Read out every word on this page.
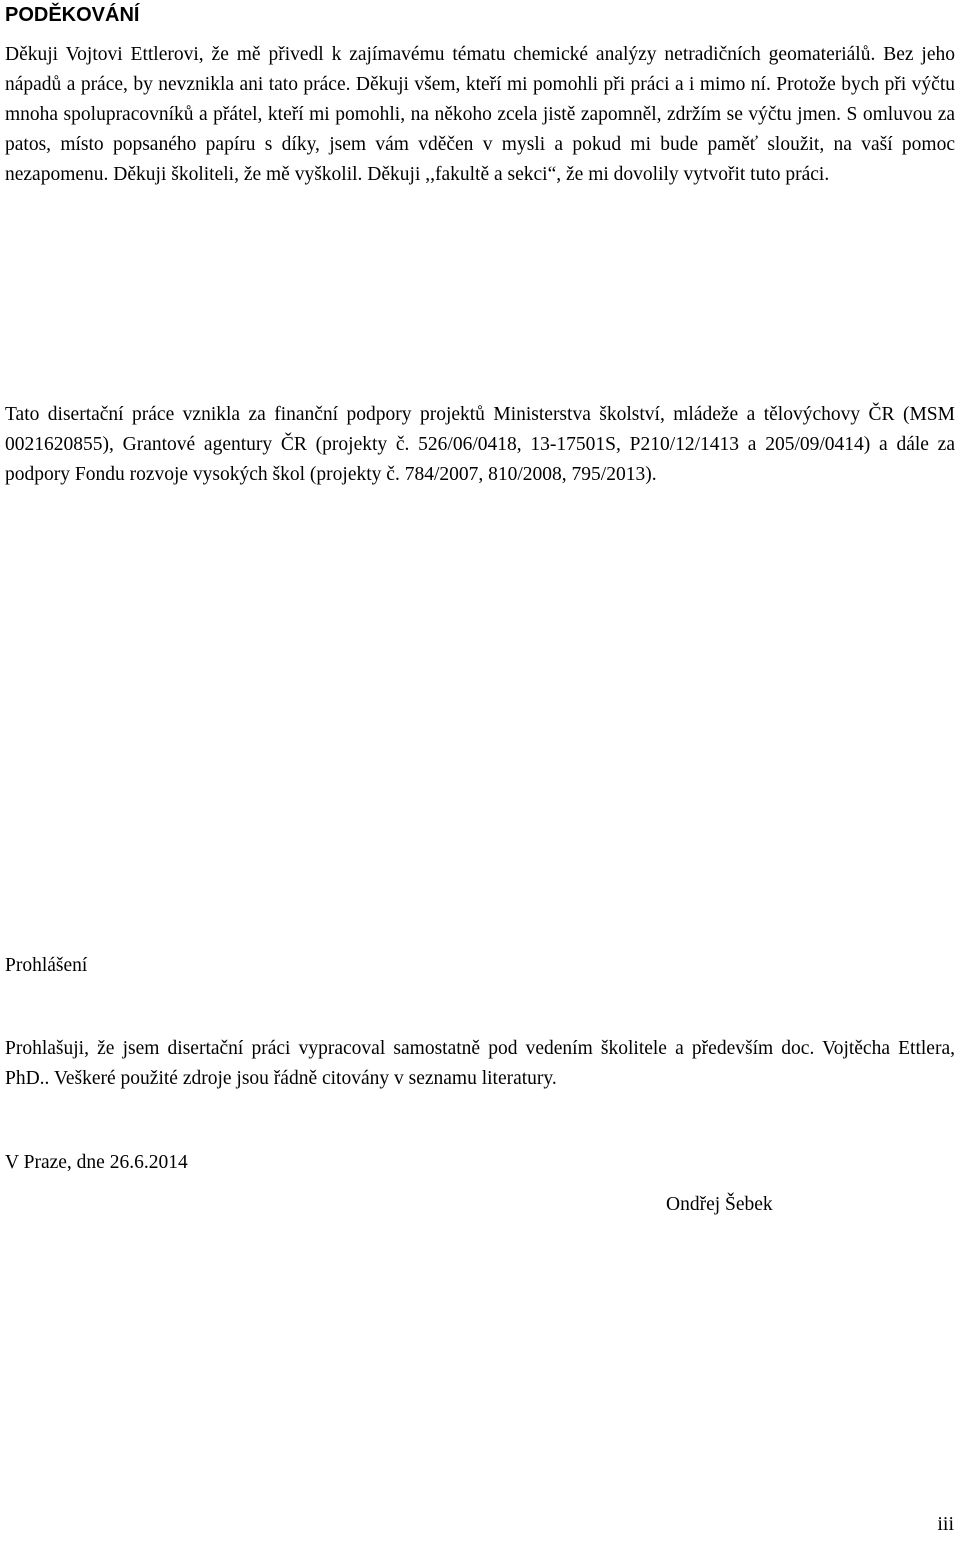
PODĚKOVÁNÍ

Děkuji Vojtovi Ettlerovi, že mě přivedl k zajímavému tématu chemické analýzy netradičních geomateriálů. Bez jeho nápadů a práce, by nevznikla ani tato práce. Děkuji všem, kteří mi pomohli při práci a i mimo ní. Protože bych při výčtu mnoha spolupracovníků a přátel, kteří mi pomohli, na někoho zcela jistě zapomněl, zdržím se výčtu jmen. S omluvou za patos, místo popsaného papíru s díky, jsem vám vděčen v mysli a pokud mi bude paměť sloužit, na vaší pomoc nezapomenu. Děkuji školiteli, že mě vyškolil. Děkuji ,,fakultě a sekci“, že mi dovolily vytvořit tuto práci.

Tato disertační práce vznikla za finanční podpory projektů Ministerstva školství, mládeže a tělovýchovy ČR (MSM 0021620855), Grantové agentury ČR (projekty č. 526/06/0418, 13-17501S, P210/12/1413 a 205/09/0414) a dále za podpory Fondu rozvoje vysokých škol (projekty č. 784/2007, 810/2008, 795/2013).

Prohlášení

Prohlašuji, že jsem disertační práci vypracoval samostatně pod vedením školitele a především doc. Vojtěcha Ettlera, PhD.. Veškeré použité zdroje jsou řádně citovány v seznamu literatury.

V Praze, dne 26.6.2014

Ondřej Šebek

iii
